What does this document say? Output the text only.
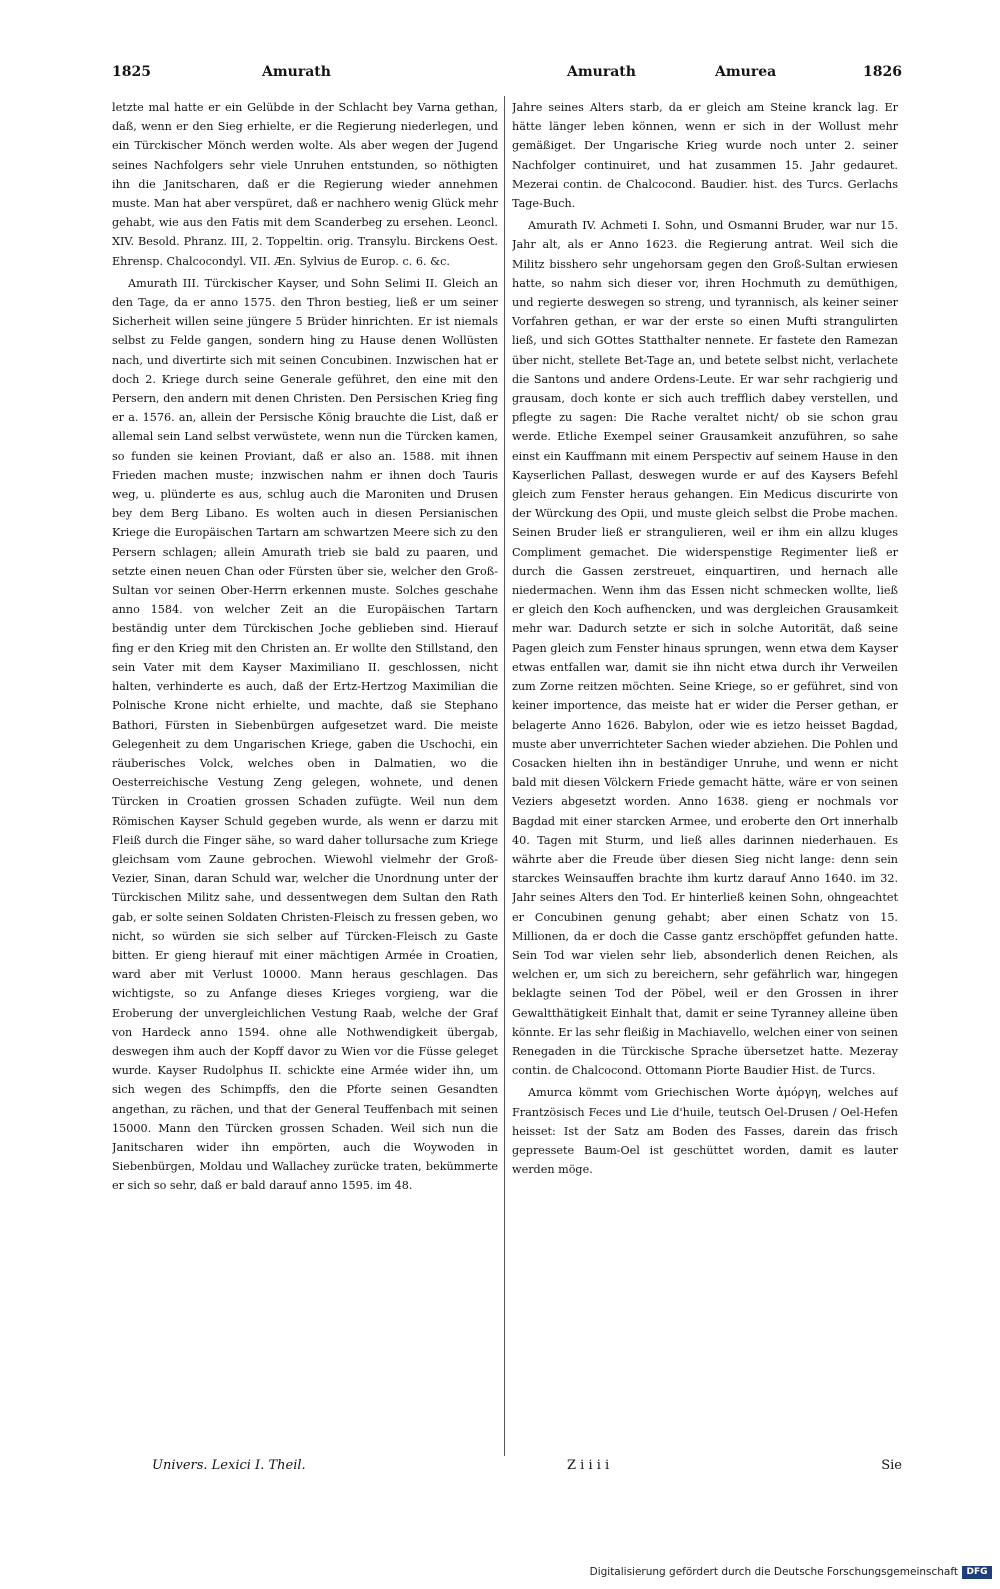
1825	Amurath	Amurath	Amurea	1826

letzte mal hatte er ein Gelübde in der Schlacht bey Varna gethan, daß, wenn er den Sieg erhielte, er die Regierung niederlegen, und ein Türckischer Mönch werden wolte. Als aber wegen der Jugend seines Nachfolgers sehr viele Unruhen entstunden, so nöthigten ihn die Janitscharen, daß er die Regierung wieder annehmen muste. Man hat aber verspüret, daß er nachhero wenig Glück mehr gehabt, wie aus den Fatis mit dem Scanderbeg zu ersehen. Leoncl. XIV. Besold. Phranz. III, 2. Toppeltin. orig. Transylu. Birckens Oest. Ehrensp. Chalcocondyl. VII. Æn. Sylvius de Europ. c. 6. &c.

Amurath III. Türckischer Kayser, und Sohn Selimi II. Gleich an den Tage, da er anno 1575. den Thron bestieg, ließ er um seiner Sicherheit willen seine jüngere 5 Brüder hinrichten. Er ist niemals selbst zu Felde gangen, sondern hing zu Hause denen Wollüsten nach, und divertirte sich mit seinen Concubinen. Inzwischen hat er doch 2. Kriege durch seine Generale geführet, den eine mit den Persern, den andern mit denen Christen. Den Persischen Krieg fing er a. 1576. an, allein der Persische König brauchte die List, daß er allemal sein Land selbst verwüstete, wenn nun die Türcken kamen, so funden sie keinen Proviant, daß er also an. 1588. mit ihnen Frieden machen muste; inzwischen nahm er ihnen doch Tauris weg, u. plünderte es aus, schlug auch die Maroniten und Drusen bey dem Berg Libano. Es wolten auch in diesen Persianischen Kriege die Europäischen Tartarn am schwartzen Meere sich zu den Persern schlagen; allein Amurath trieb sie bald zu paaren, und setzte einen neuen Chan oder Fürsten über sie, welcher den Groß-Sultan vor seinen Ober-Herrn erkennen muste. Solches geschahe anno 1584. von welcher Zeit an die Europäischen Tartarn beständig unter dem Türckischen Joche geblieben sind. Hierauf fing er den Krieg mit den Christen an. Er wollte den Stillstand, den sein Vater mit dem Kayser Maximiliano II. geschlossen, nicht halten, verhinderte es auch, daß der Ertz-Hertzog Maximilian die Polnische Krone nicht erhielte, und machte, daß sie Stephano Bathori, Fürsten in Siebenbürgen aufgesetzet ward. Die meiste Gelegenheit zu dem Ungarischen Kriege, gaben die Uschochi, ein räuberisches Volck, welches oben in Dalmatien, wo die Oesterreichische Vestung Zeng gelegen, wohnete, und denen Türcken in Croatien grossen Schaden zufügte. Weil nun dem Römischen Kayser Schuld gegeben wurde, als wenn er darzu mit Fleiß durch die Finger sähe, so ward daher tollursache zum Kriege gleichsam vom Zaune gebrochen. Wiewohl vielmehr der Groß-Vezier, Sinan, daran Schuld war, welcher die Unordnung unter der Türckischen Militz sahe, und dessentwegen dem Sultan den Rath gab, er solte seinen Soldaten Christen-Fleisch zu fressen geben, wo nicht, so würden sie sich selber auf Türcken-Fleisch zu Gaste bitten. Er gieng hierauf mit einer mächtigen Armée in Croatien, ward aber mit Verlust 10000. Mann heraus geschlagen. Das wichtigste, so zu Anfange dieses Krieges vorgieng, war die Eroberung der unvergleichlichen Vestung Raab, welche der Graf von Hardeck anno 1594. ohne alle Nothwendigkeit übergab, deswegen ihm auch der Kopff davor zu Wien vor die Füsse geleget wurde. Kayser Rudolphus II. schickte eine Armée wider ihn, um sich wegen des Schimpffs, den die Pforte seinen Gesandten angethan, zu rächen, und that der General Teuffenbach mit seinen 15000. Mann den Türcken grossen Schaden. Weil sich nun die Janitscharen wider ihn empörten, auch die Woywoden in Siebenbürgen, Moldau und Wallachey zurücke traten, bekümmerte er sich so sehr, daß er bald darauf anno 1595. im 48.

Jahre seines Alters starb, da er gleich am Steine kranck lag. Er hätte länger leben können, wenn er sich in der Wollust mehr gemäßiget. Der Ungarische Krieg wurde noch unter 2. seiner Nachfolger continuiret, und hat zusammen 15. Jahr gedauret. Mezerai contin. de Chalcocond. Baudier. hist. des Turcs. Gerlachs Tage-Buch.

Amurath IV. Achmeti I. Sohn, und Osmanni Bruder, war nur 15. Jahr alt, als er Anno 1623. die Regierung antrat. Weil sich die Militz bisshero sehr ungehorsam gegen den Groß-Sultan erwiesen hatte, so nahm sich dieser vor, ihren Hochmuth zu demüthigen, und regierte deswegen so streng, und tyrannisch, als keiner seiner Vorfahren gethan, er war der erste so einen Mufti strangulirten ließ, und sich GOttes Statthalter nennete. Er fastete den Ramezan über nicht, stellete Bet-Tage an, und betete selbst nicht, verlachete die Santons und andere Ordens-Leute. Er war sehr rachgierig und grausam, doch konte er sich auch trefflich dabey verstellen, und pflegte zu sagen: Die Rache veraltet nicht/ ob sie schon grau werde. Etliche Exempel seiner Grausamkeit anzuführen, so sahe einst ein Kauffmann mit einem Perspectiv auf seinem Hause in den Kayserlichen Pallast, deswegen wurde er auf des Kaysers Befehl gleich zum Fenster heraus gehangen. Ein Medicus discurirte von der Würckung des Opii, und muste gleich selbst die Probe machen. Seinen Bruder ließ er strangulieren, weil er ihm ein allzu kluges Compliment gemachet. Die widerspenstige Regimenter ließ er durch die Gassen zerstreuet, einquartiren, und hernach alle niedermachen. Wenn ihm das Essen nicht schmecken wollte, ließ er gleich den Koch aufhencken, und was dergleichen Grausamkeit mehr war. Dadurch setzte er sich in solche Autorität, daß seine Pagen gleich zum Fenster hinaus sprungen, wenn etwa dem Kayser etwas entfallen war, damit sie ihn nicht etwa durch ihr Verweilen zum Zorne reitzen möchten. Seine Kriege, so er geführet, sind von keiner importence, das meiste hat er wider die Perser gethan, er belagerte Anno 1626. Babylon, oder wie es ietzo heisset Bagdad, muste aber unverrichteter Sachen wieder abziehen. Die Pohlen und Cosacken hielten ihn in beständiger Unruhe, und wenn er nicht bald mit diesen Völckern Friede gemacht hätte, wäre er von seinen Veziers abgesetzt worden. Anno 1638. gieng er nochmals vor Bagdad mit einer starcken Armee, und eroberte den Ort innerhalb 40. Tagen mit Sturm, und ließ alles darinnen niederhauen. Es währte aber die Freude über diesen Sieg nicht lange: denn sein starckes Weinsauffen brachte ihm kurtz darauf Anno 1640. im 32. Jahr seines Alters den Tod. Er hinterließ keinen Sohn, ohngeachtet er Concubinen genung gehabt; aber einen Schatz von 15. Millionen, da er doch die Casse gantz erschöpffet gefunden hatte. Sein Tod war vielen sehr lieb, absonderlich denen Reichen, als welchen er, um sich zu bereichern, sehr gefährlich war, hingegen beklagte seinen Tod der Pöbel, weil er den Grossen in ihrer Gewaltthätigkeit Einhalt that, damit er seine Tyranney alleine üben könnte. Er las sehr fleißig in Machiavello, welchen einer von seinen Renegaden in die Türckische Sprache übersetzet hatte. Mezeray contin. de Chalcocond. Ottomann Piorte Baudier Hist. de Turcs.

Amurca kömmt vom Griechischen Worte ἀμόργη, welches auf Frantzösisch Feces und Lie d'huile, teutsch Oel-Drusen / Oel-Hefen heisset: Ist der Satz am Boden des Fasses, darein das frisch gepressete Baum-Oel ist geschüttet worden, damit es lauter werden möge.

Univers. Lexici I. Theil.	Z i i i i	Sie
Digitalisierung gefördert durch die Deutsche Forschungsgemeinschaft DFG
